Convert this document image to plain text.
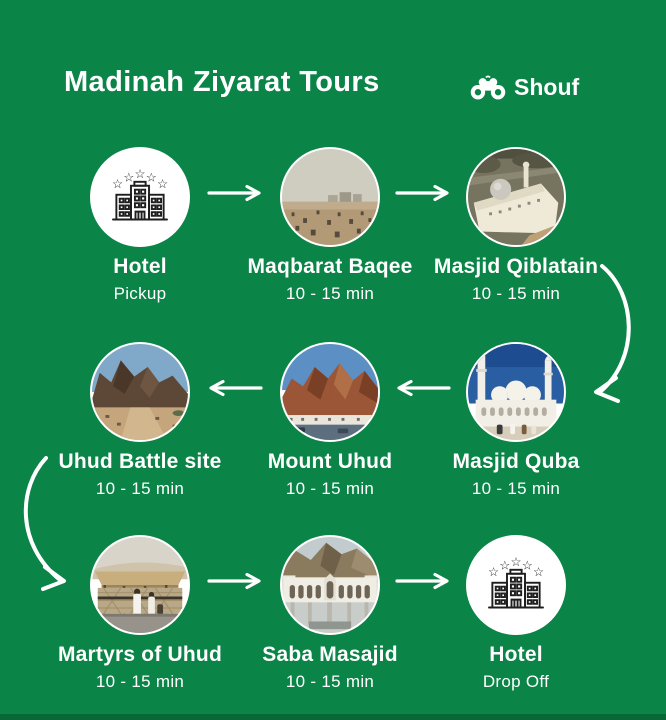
Madinah Ziyarat Tours	Shouf
Hotel
Pickup
Maqbarat Baqee
10 - 15 min
Masjid Qiblatain
10 - 15 min
Uhud Battle site
10 - 15 min
Mount Uhud
10 - 15 min
Masjid Quba
10 - 15 min
Martyrs of Uhud
10 - 15 min
Saba Masajid
10 - 15 min
Hotel
Drop Off
